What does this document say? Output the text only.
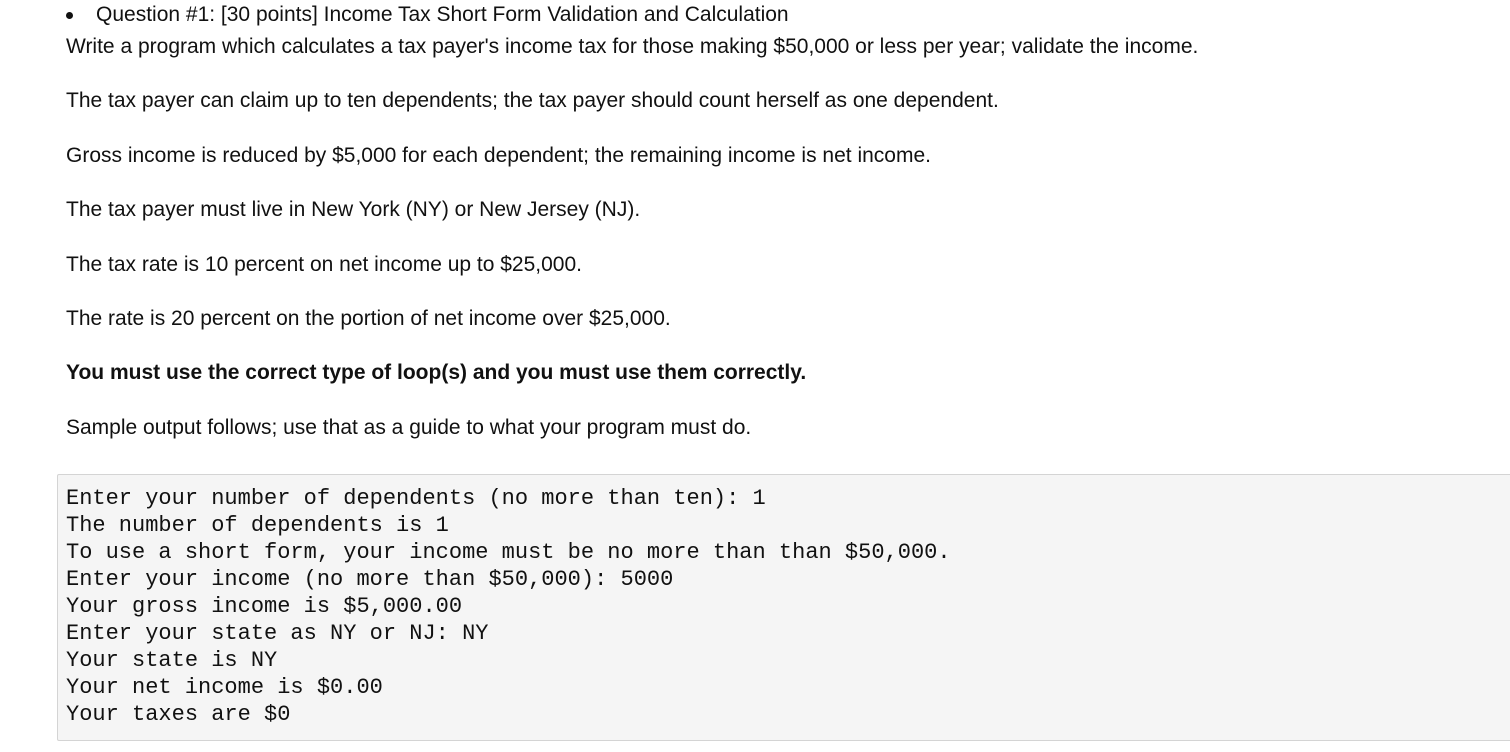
Question #1: [30 points] Income Tax Short Form Validation and Calculation
Write a program which calculates a tax payer's income tax for those making $50,000 or less per year; validate the income.
The tax payer can claim up to ten dependents; the tax payer should count herself as one dependent.
Gross income is reduced by $5,000 for each dependent; the remaining income is net income.
The tax payer must live in New York (NY) or New Jersey (NJ).
The tax rate is 10 percent on net income up to $25,000.
The rate is 20 percent on the portion of net income over $25,000.
You must use the correct type of loop(s) and you must use them correctly.
Sample output follows; use that as a guide to what your program must do.
Enter your number of dependents (no more than ten): 1
The number of dependents is 1
To use a short form, your income must be no more than than $50,000.
Enter your income (no more than $50,000): 5000
Your gross income is $5,000.00
Enter your state as NY or NJ: NY
Your state is NY
Your net income is $0.00
Your taxes are $0
